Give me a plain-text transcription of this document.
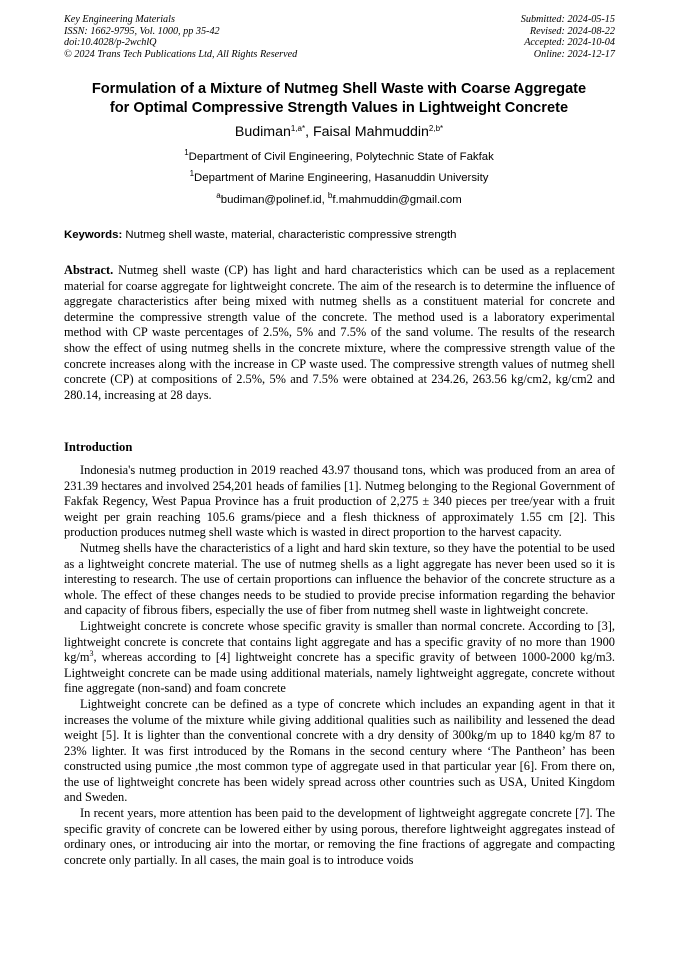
Key Engineering Materials
ISSN: 1662-9795, Vol. 1000, pp 35-42
doi:10.4028/p-2wchlQ
© 2024 Trans Tech Publications Ltd, All Rights Reserved
Submitted: 2024-05-15
Revised: 2024-08-22
Accepted: 2024-10-04
Online: 2024-12-17
Formulation of a Mixture of Nutmeg Shell Waste with Coarse Aggregate
for Optimal Compressive Strength Values in Lightweight Concrete
Budiman$^{1,a*}$, Faisal Mahmuddin$^{2,b*}$
$^1$Department of Civil Engineering, Polytechnic State of Fakfak
$^1$Department of Marine Engineering, Hasanuddin University
$^a$budiman@polinef.id, $^b$f.mahmuddin@gmail.com
Keywords: Nutmeg shell waste, material, characteristic compressive strength

Abstract. Nutmeg shell waste (CP) has light and hard characteristics which can be used as a replacement material for coarse aggregate for lightweight concrete. The aim of the research is to determine the influence of aggregate characteristics after being mixed with nutmeg shells as a constituent material for concrete and determine the compressive strength value of the concrete. The method used is a laboratory experimental method with CP waste percentages of 2.5%, 5% and 7.5% of the sand volume. The results of the research show the effect of using nutmeg shells in the concrete mixture, where the compressive strength value of the concrete increases along with the increase in CP waste used. The compressive strength values of nutmeg shell concrete (CP) at compositions of 2.5%, 5% and 7.5% were obtained at 234.26, 263.56 kg/cm2, kg/cm2 and 280.14, increasing at 28 days.

Introduction

Indonesia's nutmeg production in 2019 reached 43.97 thousand tons, which was produced from an area of 231.39 hectares and involved 254,201 heads of families [1]. Nutmeg belonging to the Regional Government of Fakfak Regency, West Papua Province has a fruit production of 2,275 ± 340 pieces per tree/year with a fruit weight per grain reaching 105.6 grams/piece and a flesh thickness of approximately 1.55 cm [2]. This production produces nutmeg shell waste which is wasted in direct proportion to the harvest capacity.

Nutmeg shells have the characteristics of a light and hard skin texture, so they have the potential to be used as a lightweight concrete material. The use of nutmeg shells as a light aggregate has never been used so it is interesting to research. The use of certain proportions can influence the behavior of the concrete structure as a whole. The effect of these changes needs to be studied to provide precise information regarding the behavior and capacity of fibrous fibers, especially the use of fiber from nutmeg shell waste in lightweight concrete.

Lightweight concrete is concrete whose specific gravity is smaller than normal concrete. According to [3], lightweight concrete is concrete that contains light aggregate and has a specific gravity of no more than 1900 $kg/m^3$, whereas according to [4] lightweight concrete has a specific gravity of between 1000-2000 kg/m3. Lightweight concrete can be made using additional materials, namely lightweight aggregate, concrete without fine aggregate (non-sand) and foam concrete

Lightweight concrete can be defined as a type of concrete which includes an expanding agent in that it increases the volume of the mixture while giving additional qualities such as nailibility and lessened the dead weight [5]. It is lighter than the conventional concrete with a dry density of 300kg/m up to 1840 kg/m 87 to 23% lighter. It was first introduced by the Romans in the second century where ‘The Pantheon’ has been constructed using pumice ,the most common type of aggregate used in that particular year [6]. From there on, the use of lightweight concrete has been widely spread across other countries such as USA, United Kingdom and Sweden.

In recent years, more attention has been paid to the development of lightweight aggregate concrete [7]. The specific gravity of concrete can be lowered either by using porous, therefore lightweight aggregates instead of ordinary ones, or introducing air into the mortar, or removing the fine fractions of aggregate and compacting concrete only partially. In all cases, the main goal is to introduce voids
